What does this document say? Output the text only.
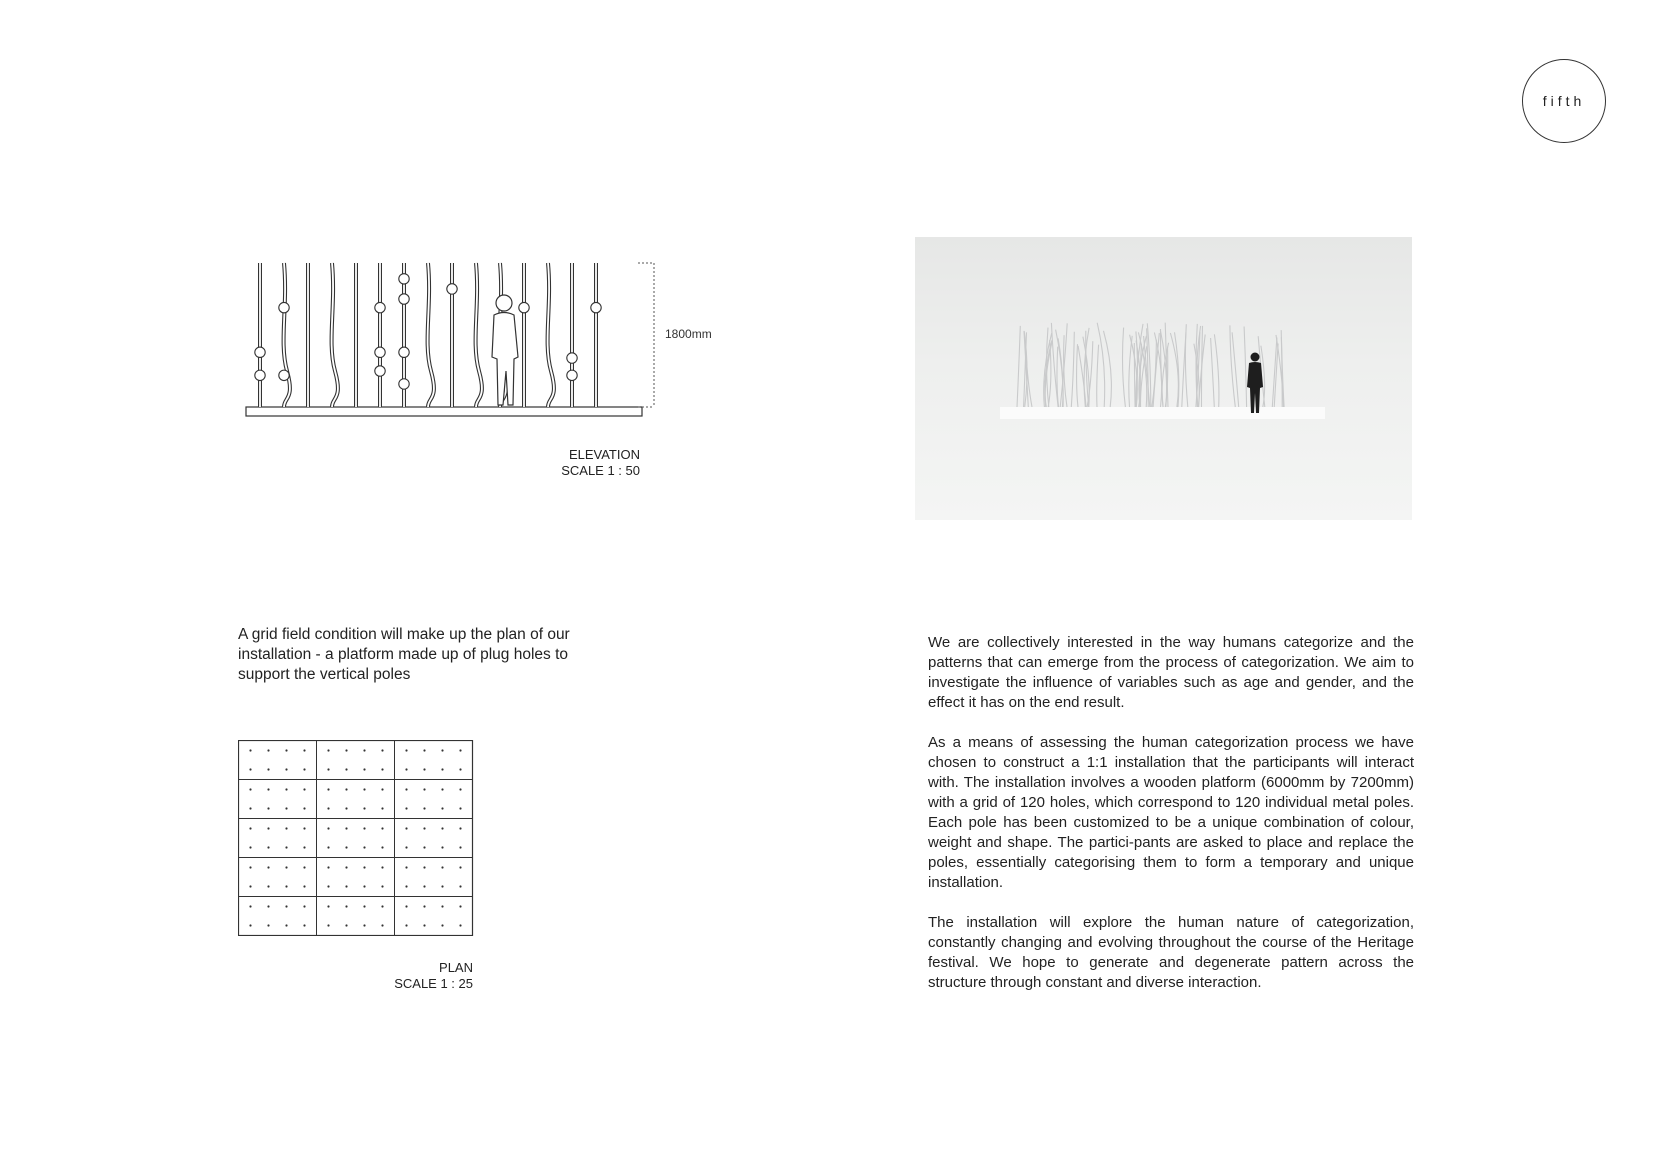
fifth
1800mm
ELEVATION
SCALE 1 : 50
A grid field condition will make up the plan of our installation - a platform made up of plug holes to support the vertical poles
PLAN
SCALE 1 : 25

We are collectively interested in the way humans categorize and the patterns that can emerge from the process of categorization. We aim to investigate the influence of variables such as age and gender, and the effect it has on the end result.

As a means of assessing the human categorization process we have chosen to construct a 1:1 installation that the participants will interact with. The installation involves a wooden platform (6000mm by 7200mm) with a grid of 120 holes, which correspond to 120 individual metal poles. Each pole has been customized to be a unique combination of colour, weight and shape. The partici-pants are asked to place and replace the poles, essentially categorising them to form a temporary and unique installation.

The installation will explore the human nature of categorization, constantly changing and evolving throughout the course of the Heritage festival. We hope to generate and degenerate pattern across the structure through constant and diverse interaction.
